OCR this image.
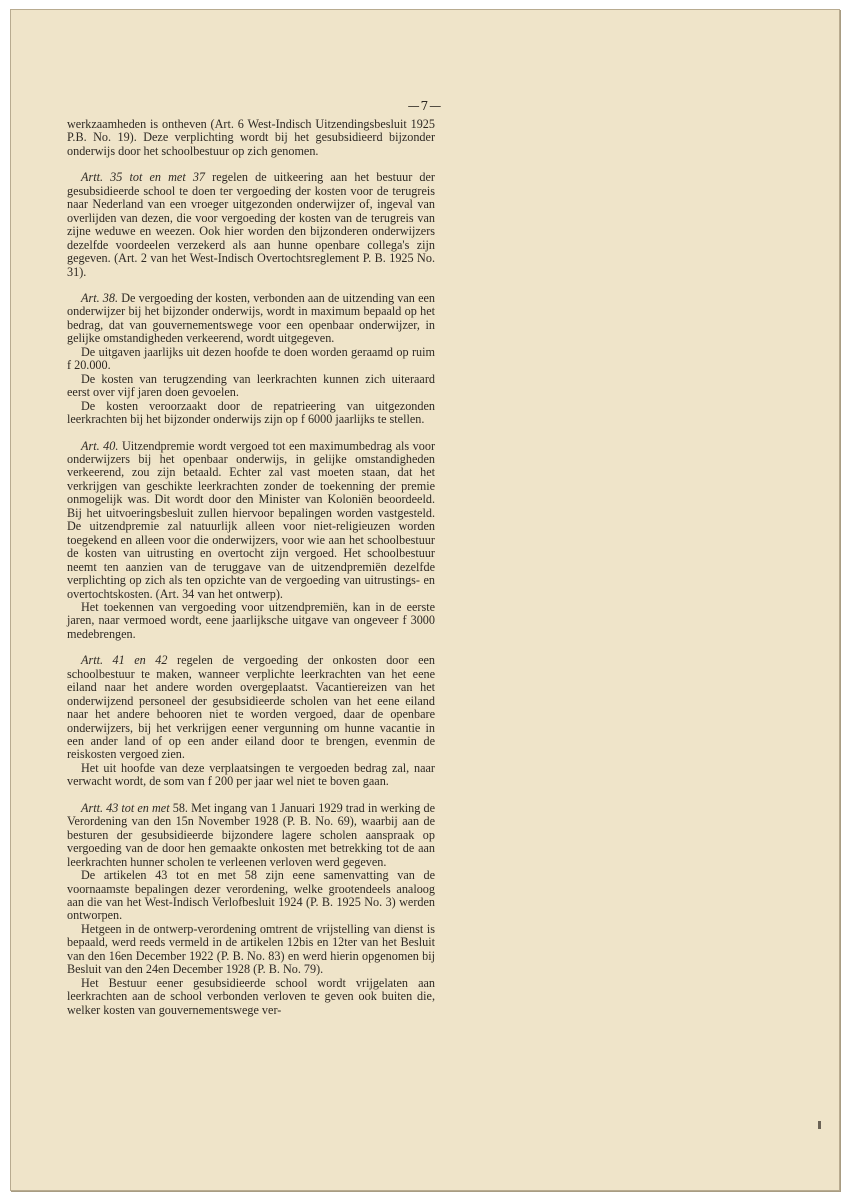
—7—

werkzaamheden is ontheven (Art. 6 West-Indisch Uitzendingsbesluit 1925 P.B. No. 19). Deze verplichting wordt bij het gesubsidieerd bijzonder onderwijs door het schoolbestuur op zich genomen.

Artt. 35 tot en met 37 regelen de uitkeering aan het bestuur der gesubsidieerde school te doen ter vergoeding der kosten voor de terugreis naar Nederland van een vroeger uitgezonden onderwijzer of, ingeval van overlijden van dezen, die voor vergoeding der kosten van de terugreis van zijne weduwe en weezen. Ook hier worden den bijzonderen onderwijzers dezelfde voordeelen verzekerd als aan hunne openbare collega's zijn gegeven. (Art. 2 van het West-Indisch Overtochtsreglement P. B. 1925 No. 31).

Art. 38. De vergoeding der kosten, verbonden aan de uitzending van een onderwijzer bij het bijzonder onderwijs, wordt in maximum bepaald op het bedrag, dat van gouvernementswege voor een openbaar onderwijzer, in gelijke omstandigheden verkeerend, wordt uitgegeven.

De uitgaven jaarlijks uit dezen hoofde te doen worden geraamd op ruim f 20.000.

De kosten van terugzending van leerkrachten kunnen zich uiteraard eerst over vijf jaren doen gevoelen.

De kosten veroorzaakt door de repatrieering van uitgezonden leerkrachten bij het bijzonder onderwijs zijn op f 6000 jaarlijks te stellen.

Art. 40. Uitzendpremie wordt vergoed tot een maximumbedrag als voor onderwijzers bij het openbaar onderwijs, in gelijke omstandigheden verkeerend, zou zijn betaald. Echter zal vast moeten staan, dat het verkrijgen van geschikte leerkrachten zonder de toekenning der premie onmogelijk was. Dit wordt door den Minister van Koloniën beoordeeld. Bij het uitvoeringsbesluit zullen hiervoor bepalingen worden vastgesteld. De uitzendpremie zal natuurlijk alleen voor niet-religieuzen worden toegekend en alleen voor die onderwijzers, voor wie aan het schoolbestuur de kosten van uitrusting en overtocht zijn vergoed. Het schoolbestuur neemt ten aanzien van de teruggave van de uitzendpremiën dezelfde verplichting op zich als ten opzichte van de vergoeding van uitrustings- en overtochtskosten. (Art. 34 van het ontwerp).

Het toekennen van vergoeding voor uitzendpremiën, kan in de eerste jaren, naar vermoed wordt, eene jaarlijksche uitgave van ongeveer f 3000 medebrengen.

Artt. 41 en 42 regelen de vergoeding der onkosten door een schoolbestuur te maken, wanneer verplichte leerkrachten van het eene eiland naar het andere worden overgeplaatst. Vacantiereizen van het onderwijzend personeel der gesubsidieerde scholen van het eene eiland naar het andere behooren niet te worden vergoed, daar de openbare onderwijzers, bij het verkrijgen eener vergunning om hunne vacantie in een ander land of op een ander eiland door te brengen, evenmin de reiskosten vergoed zien.

Het uit hoofde van deze verplaatsingen te vergoeden bedrag zal, naar verwacht wordt, de som van f 200 per jaar wel niet te boven gaan.

Artt. 43 tot en met 58. Met ingang van 1 Januari 1929 trad in werking de Verordening van den 15n November 1928 (P. B. No. 69), waarbij aan de besturen der gesubsidieerde bijzondere lagere scholen aanspraak op vergoeding van de door hen gemaakte onkosten met betrekking tot de aan leerkrachten hunner scholen te verleenen verloven werd gegeven.

De artikelen 43 tot en met 58 zijn eene samenvatting van de voornaamste bepalingen dezer verordening, welke grootendeels analoog aan die van het West-Indisch Verlofbesluit 1924 (P. B. 1925 No. 3) werden ontworpen.

Hetgeen in de ontwerp-verordening omtrent de vrijstelling van dienst is bepaald, werd reeds vermeld in de artikelen 12bis en 12ter van het Besluit van den 16en December 1922 (P. B. No. 83) en werd hierin opgenomen bij Besluit van den 24en December 1928 (P. B. No. 79).

Het Bestuur eener gesubsidieerde school wordt vrijgelaten aan leerkrachten aan de school verbonden verloven te geven ook buiten die, welker kosten van gouvernementswege ver-
